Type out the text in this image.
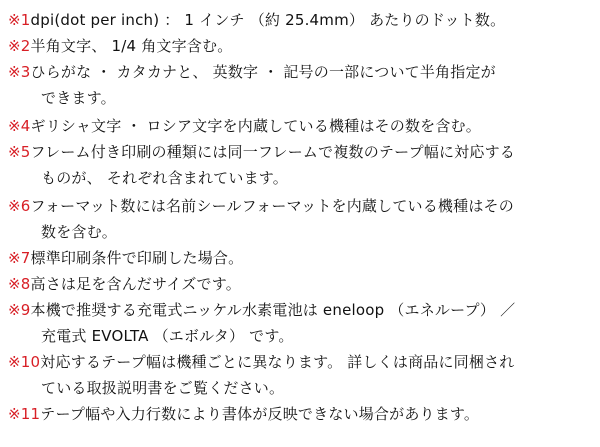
※1dpi(dot per inch) ： 1 インチ （約 25.4mm） あたりのドット数。
※2半角文字、 1/4 角文字含む。
※3ひらがな ・ カタカナと、 英数字 ・ 記号の一部について半角指定が
できます。
※4ギリシャ文字 ・ ロシア文字を内蔵している機種はその数を含む。
※5フレーム付き印刷の種類には同一フレームで複数のテープ幅に対応する
ものが、 それぞれ含まれています。
※6フォーマット数には名前シールフォーマットを内蔵している機種はその
数を含む。
※7標準印刷条件で印刷した場合。
※8高さは足を含んだサイズです。
※9本機で推奨する充電式ニッケル水素電池は eneloop （エネループ） ／
充電式 EVOLTA （エボルタ） です。
※10対応するテープ幅は機種ごとに異なります。 詳しくは商品に同梱され
ている取扱説明書をご覧ください。
※11テープ幅や入力行数により書体が反映できない場合があります。
